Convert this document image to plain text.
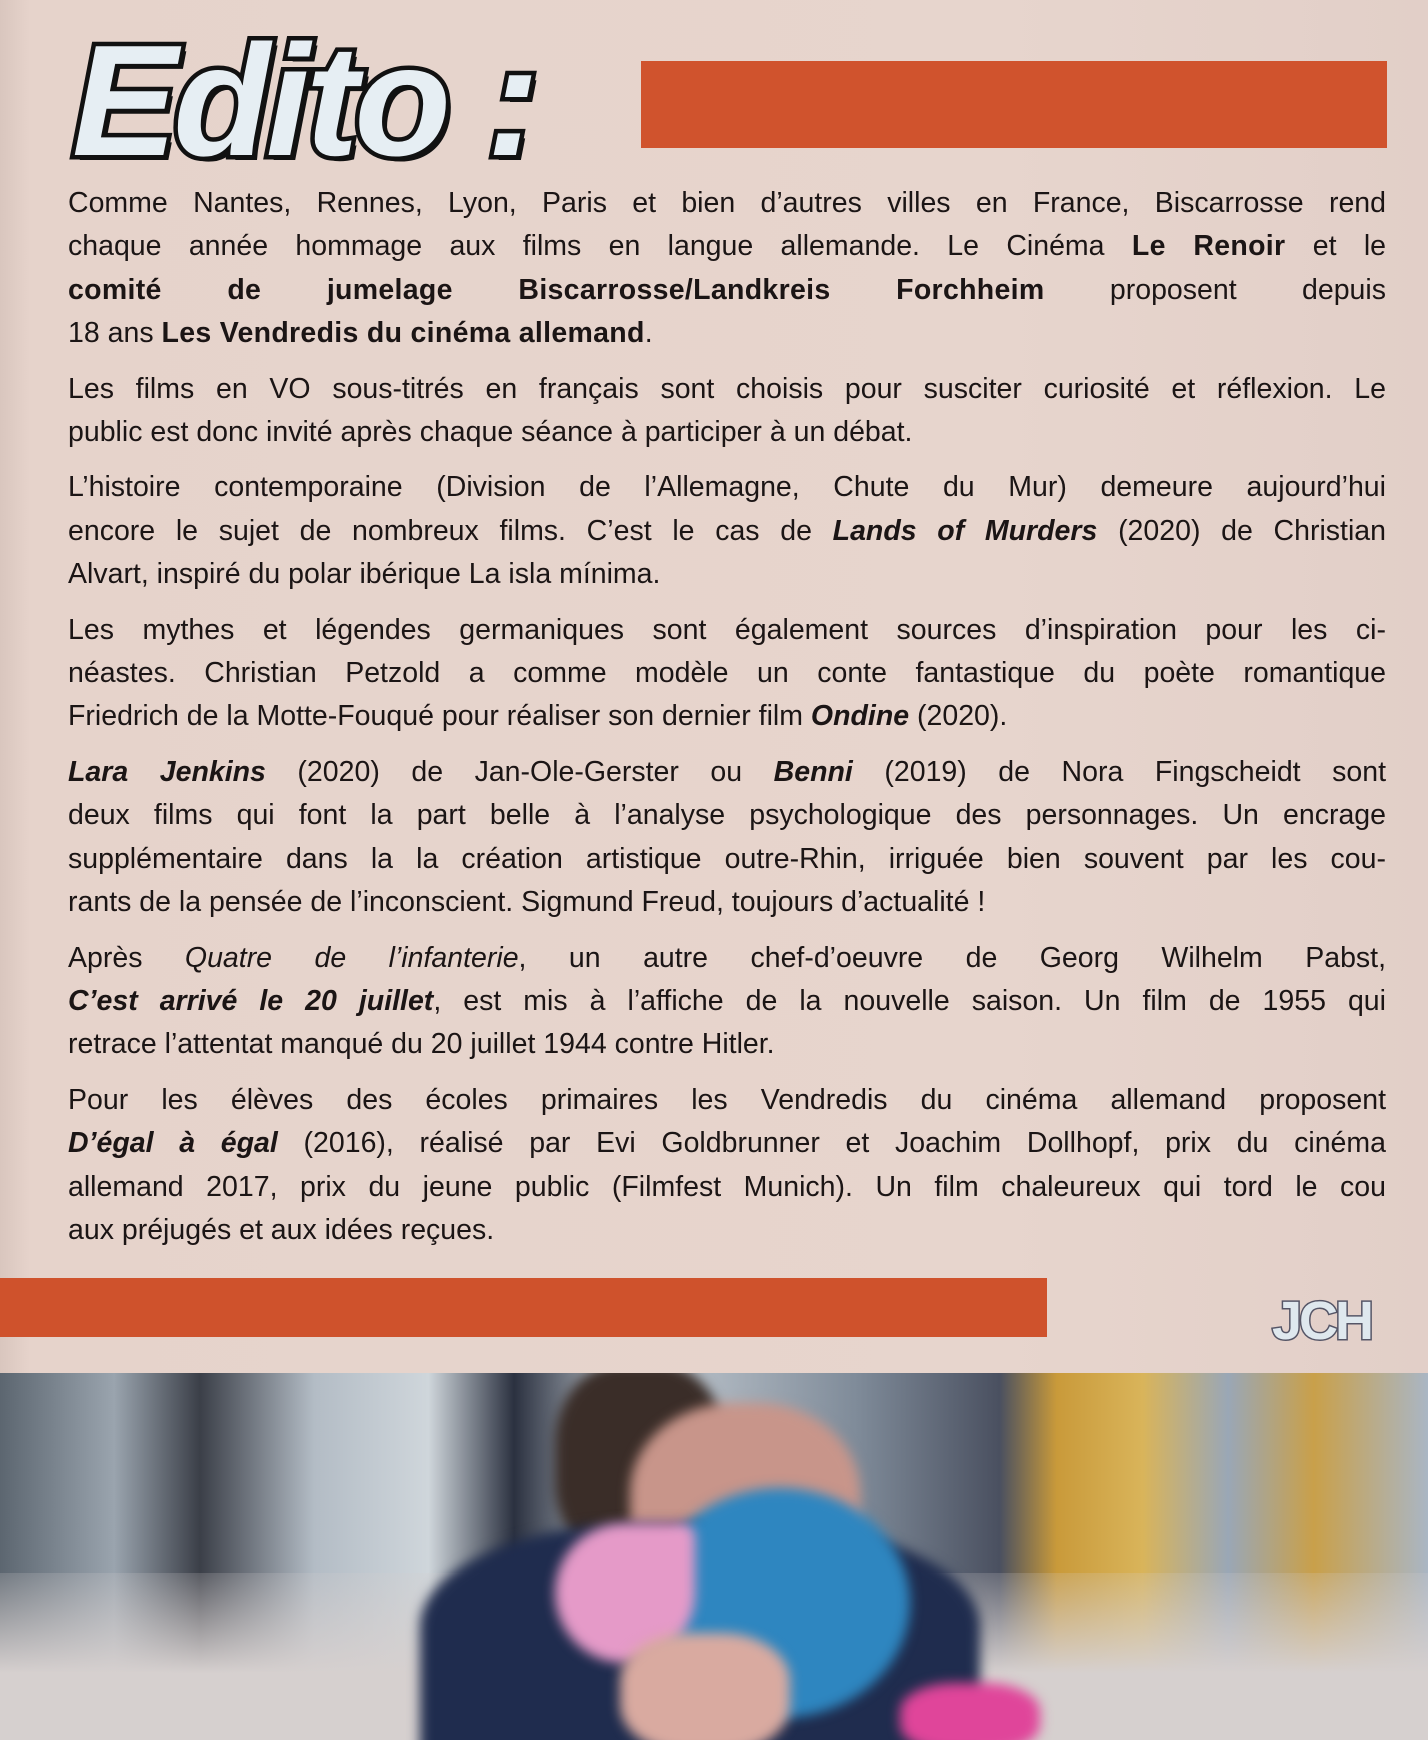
Edito :
Comme Nantes, Rennes, Lyon, Paris et bien d’autres villes en France, Biscarrosse rend
chaque année hommage aux films en langue allemande. Le Cinéma Le Renoir et le
comité de jumelage Biscarrosse/Landkreis Forchheim proposent depuis
18 ans Les Vendredis du cinéma allemand.
Les films en VO sous-titrés en français sont choisis pour susciter curiosité et réflexion. Le
public est donc invité après chaque séance à participer à un débat.
L’histoire contemporaine (Division de l’Allemagne, Chute du Mur) demeure aujourd’hui
encore le sujet de nombreux films. C’est le cas de Lands of Murders (2020) de Christian
Alvart, inspiré du polar ibérique La isla mínima.
Les mythes et légendes germaniques sont également sources d’inspiration pour les ci-
néastes. Christian Petzold a comme modèle un conte fantastique du poète romantique
Friedrich de la Motte-Fouqué pour réaliser son dernier film Ondine (2020).
Lara Jenkins (2020) de Jan-Ole-Gerster ou Benni (2019) de Nora Fingscheidt sont
deux films qui font la part belle à l’analyse psychologique des personnages. Un encrage
supplémentaire dans la la création artistique outre-Rhin, irriguée bien souvent par les cou-
rants de la pensée de l’inconscient. Sigmund Freud, toujours d’actualité !
Après Quatre de l’infanterie, un autre chef-d’oeuvre de Georg Wilhelm Pabst,
C’est arrivé le 20 juillet, est mis à l’affiche de la nouvelle saison. Un film de 1955 qui
retrace l’attentat manqué du 20 juillet 1944 contre Hitler.
Pour les élèves des écoles primaires les Vendredis du cinéma allemand proposent
D’égal à égal (2016), réalisé par Evi Goldbrunner et Joachim Dollhopf, prix du cinéma
allemand 2017, prix du jeune public (Filmfest Munich). Un film chaleureux qui tord le cou
aux préjugés et aux idées reçues.
JCH
